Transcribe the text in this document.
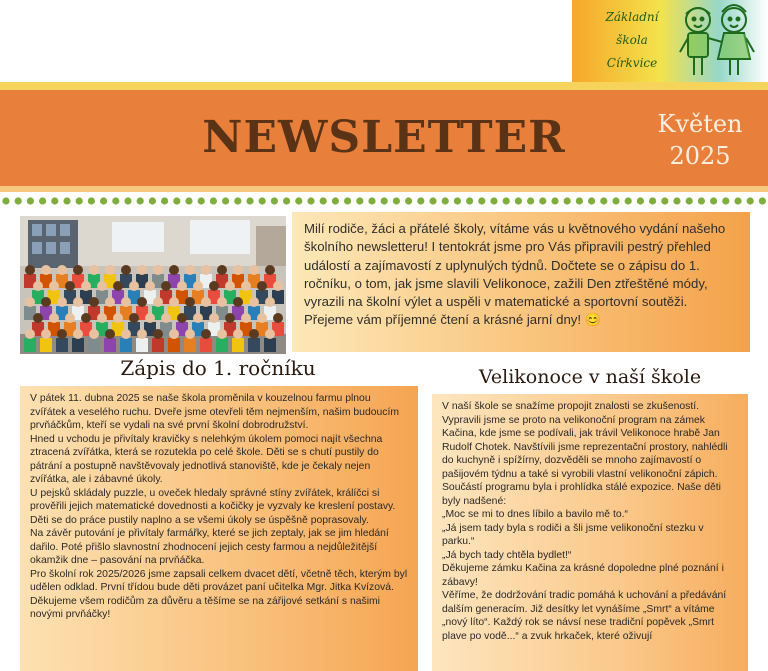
Základní
škola
Církvice
NEWSLETTER	Květen
2025

Milí rodiče, žáci a přátelé školy, vítáme vás u květnového vydání našeho školního newsletteru! I tentokrát jsme pro Vás připravili pestrý přehled událostí a zajímavostí z uplynulých týdnů. Dočtete se o zápisu do 1. ročníku, o tom, jak jsme slavili Velikonoce, zažili Den ztřeštěné módy, vyrazili na školní výlet a uspěli v matematické a sportovní soutěži.

Přejeme vám příjemné čtení a krásné jarní dny! 😊

Zápis do 1. ročníku	Velikonoce v naší škole

V pátek 11. dubna 2025 se naše škola proměnila v kouzelnou farmu plnou zvířátek a veselého ruchu. Dveře jsme otevřeli těm nejmenším, našim budoucím prvňáčkům, kteří se vydali na své první školní dobrodružství.

Hned u vchodu je přivítaly kravičky s nelehkým úkolem pomoci najít všechna ztracená zvířátka, která se rozutekla po celé škole. Děti se s chutí pustily do pátrání a postupně navštěvovaly jednotlivá stanoviště, kde je čekaly nejen zvířátka, ale i zábavné úkoly.

U pejsků skládaly puzzle, u oveček hledaly správné stíny zvířátek, králíčci si prověřili jejich matematické dovednosti a kočičky je vyzvaly ke kreslení postavy. Děti se do práce pustily naplno a se všemi úkoly se úspěšně poprasovaly.

Na závěr putování je přivítaly farmářky, které se jich zeptaly, jak se jim hledání dařilo. Poté přišlo slavnostní zhodnocení jejich cesty farmou a nejdůležitější okamžik dne – pasování na prvňáčka.

Pro školní rok 2025/2026 jsme zapsali celkem dvacet dětí, včetně těch, kterým byl udělen odklad. První třídou bude děti provázet paní učitelka Mgr. Jitka Kvízová.

Děkujeme všem rodičům za důvěru a těšíme se na zářijové setkání s našimi novými prvňáčky!

V naší škole se snažíme propojit znalosti se zkušeností. Vypravili jsme se proto na velikonoční program na zámek Kačina, kde jsme se podívali, jak trávil Velikonoce hrabě Jan Rudolf Chotek. Navštívili jsme reprezentační prostory, nahlédli do kuchyně i spížírny, dozvěděli se mnoho zajímavostí o pašijovém týdnu a také si vyrobili vlastní velikonoční zápich.

Součástí programu byla i prohlídka stálé expozice. Naše děti byly nadšené:

„Moc se mi to dnes líbilo a bavilo mě to.“

„Já jsem tady byla s rodiči a šli jsme velikonoční stezku v parku.“

„Já bych tady chtěla bydlet!“

Děkujeme zámku Kačina za krásné dopoledne plné poznání i zábavy!

Věříme, že dodržování tradic pomáhá k uchování a předávání dalším generacím. Již desítky let vynášíme „Smrt“ a vítáme „nový líto“. Každý rok se návsí nese tradiční popěvek „Smrt plave po vodě...“ a zvuk hrkaček, které oživují
